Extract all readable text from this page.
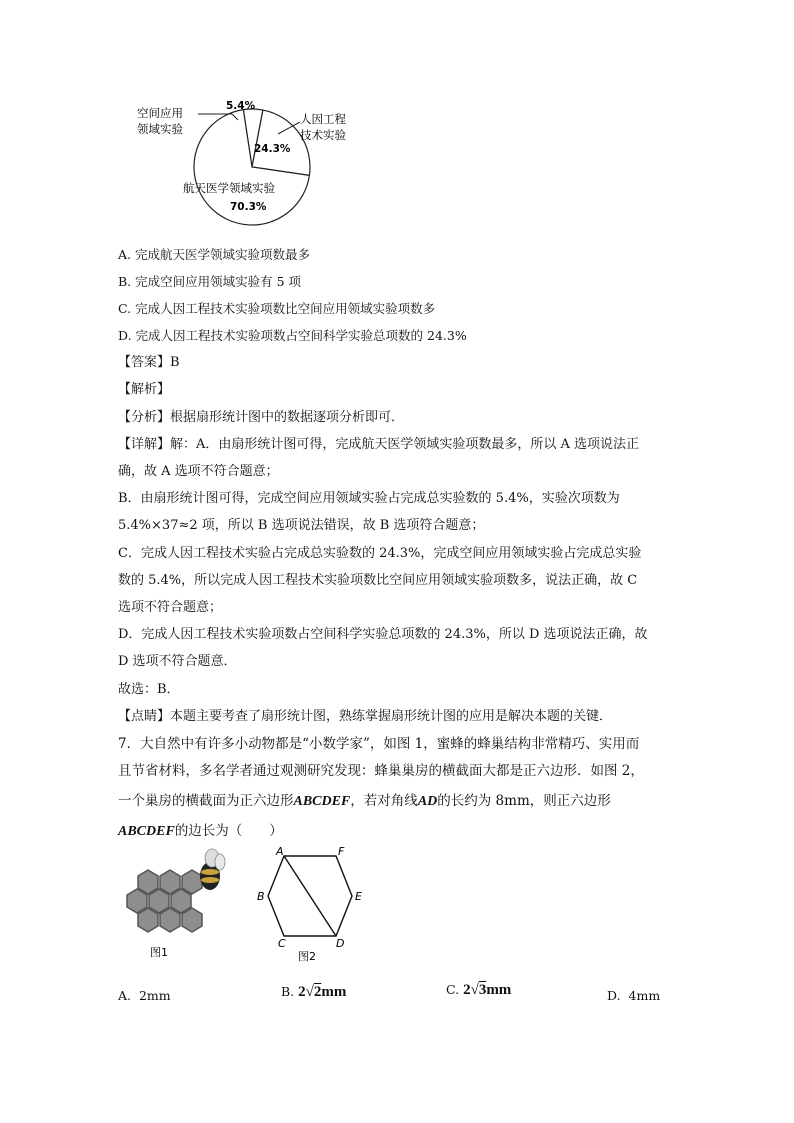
空间应用
领域实验
5.4%
人因工程
技术实验
24.3%
航天医学领域实验
70.3%
A. 完成航天医学领域实验项数最多
B. 完成空间应用领域实验有 5 项
C. 完成人因工程技术实验项数比空间应用领域实验项数多
D. 完成人因工程技术实验项数占空间科学实验总项数的 24.3%
【答案】B
【解析】
【分析】根据扇形统计图中的数据逐项分析即可．
【详解】解：A．由扇形统计图可得，完成航天医学领域实验项数最多，所以 A 选项说法正
确，故 A 选项不符合题意；
B．由扇形统计图可得，完成空间应用领域实验占完成总实验数的 5.4%，实验次项数为
5.4%×37≈2 项，所以 B 选项说法错误，故 B 选项符合题意；
C．完成人因工程技术实验占完成总实验数的 24.3%，完成空间应用领域实验占完成总实验
数的 5.4%，所以完成人因工程技术实验项数比空间应用领域实验项数多，说法正确，故 C
选项不符合题意；
D．完成人因工程技术实验项数占空间科学实验总项数的 24.3%，所以 D 选项说法正确，故
D 选项不符合题意．
故选：B．
【点睛】本题主要考查了扇形统计图，熟练掌握扇形统计图的应用是解决本题的关键．
7．大自然中有许多小动物都是“小数学家”，如图 1，蜜蜂的蜂巢结构非常精巧、实用而
且节省材料，多名学者通过观测研究发现：蜂巢巢房的横截面大都是正六边形．如图 2，
一个巢房的横截面为正六边形ABCDEF，若对角线AD的长约为 8mm，则正六边形
ABCDEF的边长为（　　）
图1
A	F
B	E
C	D
图2
A. 2mm	B. 2√2mm	C. 2√3mm	D. 4mm
